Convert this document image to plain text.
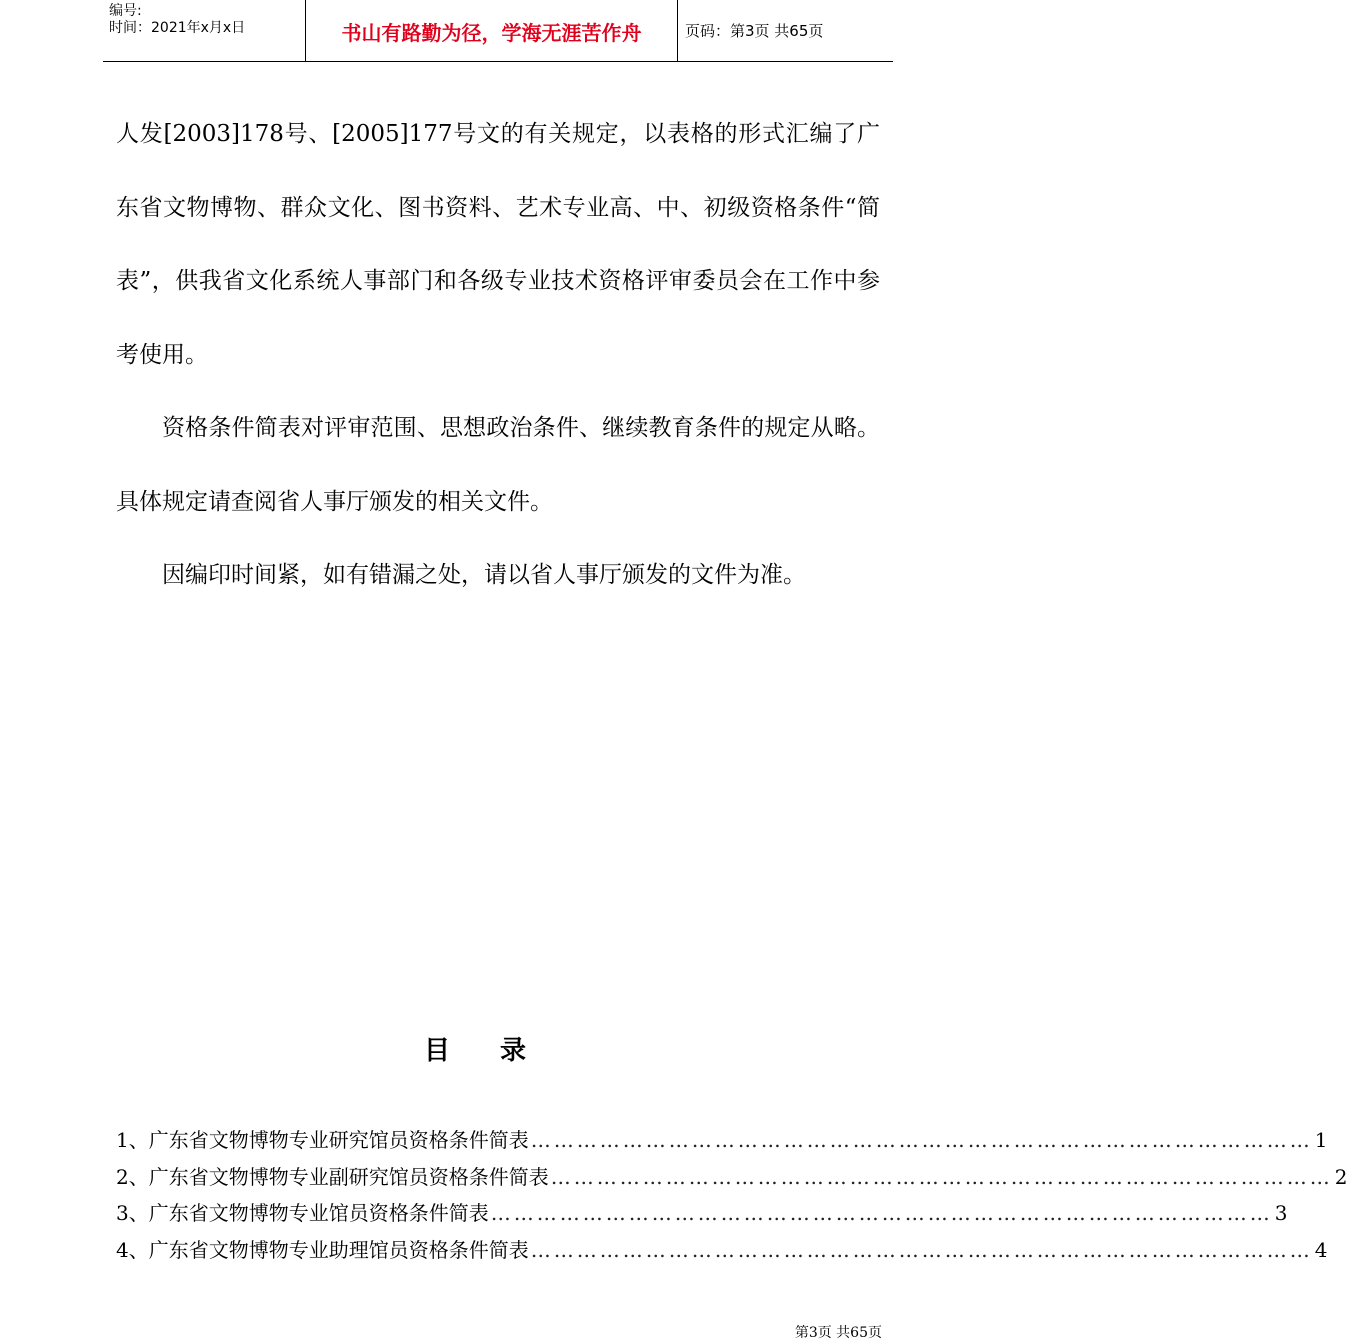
编号:
时间：2021年x月x日	书山有路勤为径，学海无涯苦作舟	页码：第3页 共65页

人发[2003]178号、[2005]177号文的有关规定，以表格的形式汇编了广东省文物博物、群众文化、图书资料、艺术专业高、中、初级资格条件“简表”，供我省文化系统人事部门和各级专业技术资格评审委员会在工作中参考使用。

资格条件简表对评审范围、思想政治条件、继续教育条件的规定从略。具体规定请查阅省人事厅颁发的相关文件。

因编印时间紧，如有错漏之处，请以省人事厅颁发的文件为准。

目录
1、广东省文物博物专业研究馆员资格条件简表 ………………………………………………………………………………………… 1
2、广东省文物博物专业副研究馆员资格条件简表 ………………………………………………………………………………………… 2
3、广东省文物博物专业馆员资格条件简表 ………………………………………………………………………………………… 3
4、广东省文物博物专业助理馆员资格条件简表 ………………………………………………………………………………………… 4
第3页 共65页
